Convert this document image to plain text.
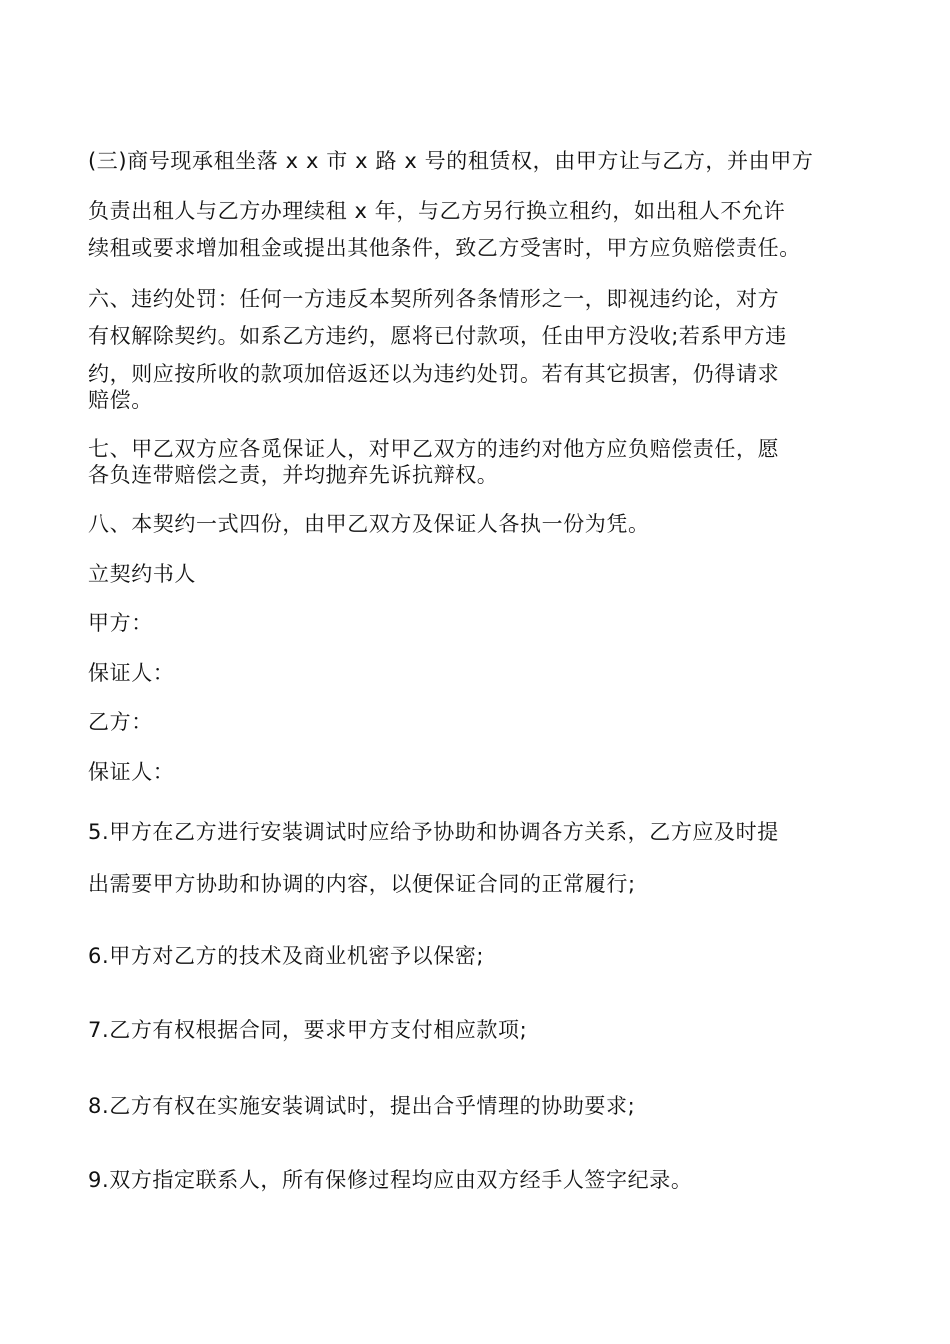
(三)商号现承租坐落 x x 市 x 路 x 号的租赁权，由甲方让与乙方，并由甲方
负责出租人与乙方办理续租 x 年，与乙方另行换立租约，如出租人不允许
续租或要求增加租金或提出其他条件，致乙方受害时，甲方应负赔偿责任。
六、违约处罚：任何一方违反本契所列各条情形之一，即视违约论，对方
有权解除契约。如系乙方违约，愿将已付款项，任由甲方没收;若系甲方违
约，则应按所收的款项加倍返还以为违约处罚。若有其它损害，仍得请求
赔偿。
七、甲乙双方应各觅保证人，对甲乙双方的违约对他方应负赔偿责任，愿
各负连带赔偿之责，并均抛弃先诉抗辩权。
八、本契约一式四份，由甲乙双方及保证人各执一份为凭。
立契约书人
甲方：
保证人：
乙方：
保证人：
5.甲方在乙方进行安装调试时应给予协助和协调各方关系，乙方应及时提
出需要甲方协助和协调的内容，以便保证合同的正常履行;
6.甲方对乙方的技术及商业机密予以保密;
7.乙方有权根据合同，要求甲方支付相应款项;
8.乙方有权在实施安装调试时，提出合乎情理的协助要求;
9.双方指定联系人，所有保修过程均应由双方经手人签字纪录。
